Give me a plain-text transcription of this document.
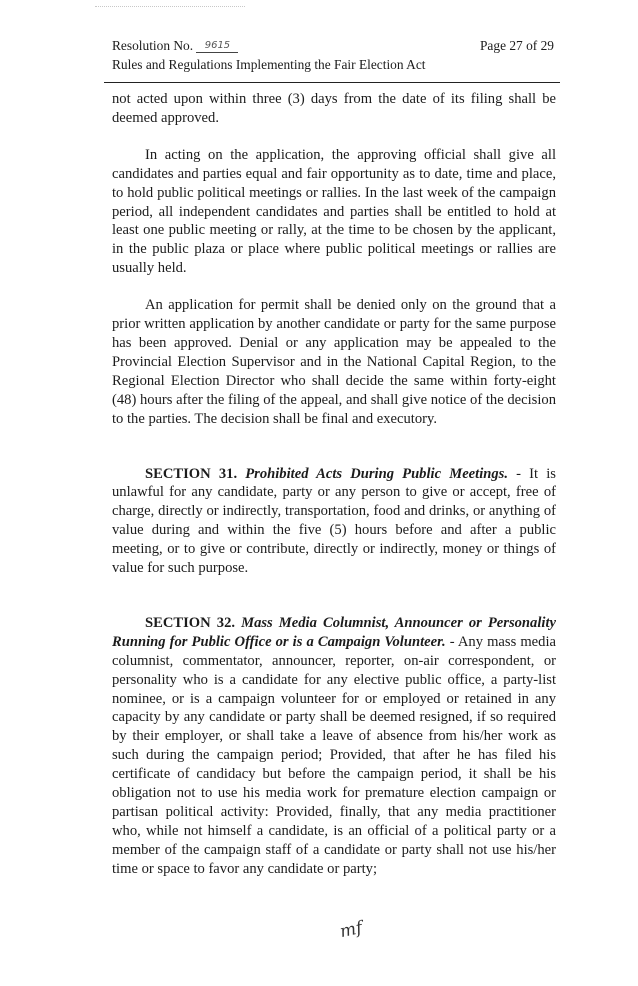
Resolution No. 9615	Page 27 of 29
Rules and Regulations Implementing the Fair Election Act

not acted upon within three (3) days from the date of its filing shall be deemed approved.

In acting on the application, the approving official shall give all candidates and parties equal and fair opportunity as to date, time and place, to hold public political meetings or rallies. In the last week of the campaign period, all independent candidates and parties shall be entitled to hold at least one public meeting or rally, at the time to be chosen by the applicant, in the public plaza or place where public political meetings or rallies are usually held.

An application for permit shall be denied only on the ground that a prior written application by another candidate or party for the same purpose has been approved. Denial or any application may be appealed to the Provincial Election Supervisor and in the National Capital Region, to the Regional Election Director who shall decide the same within forty-eight (48) hours after the filing of the appeal, and shall give notice of the decision to the parties. The decision shall be final and executory.

SECTION 31. Prohibited Acts During Public Meetings. - It is unlawful for any candidate, party or any person to give or accept, free of charge, directly or indirectly, transportation, food and drinks, or anything of value during and within the five (5) hours before and after a public meeting, or to give or contribute, directly or indirectly, money or things of value for such purpose.

SECTION 32. Mass Media Columnist, Announcer or Personality Running for Public Office or is a Campaign Volunteer. - Any mass media columnist, commentator, announcer, reporter, on-air correspondent, or personality who is a candidate for any elective public office, a party-list nominee, or is a campaign volunteer for or employed or retained in any capacity by any candidate or party shall be deemed resigned, if so required by their employer, or shall take a leave of absence from his/her work as such during the campaign period; Provided, that after he has filed his certificate of candidacy but before the campaign period, it shall be his obligation not to use his media work for premature election campaign or partisan political activity: Provided, finally, that any media practitioner who, while not himself a candidate, is an official of a political party or a member of the campaign staff of a candidate or party shall not use his/her time or space to favor any candidate or party;

mf
